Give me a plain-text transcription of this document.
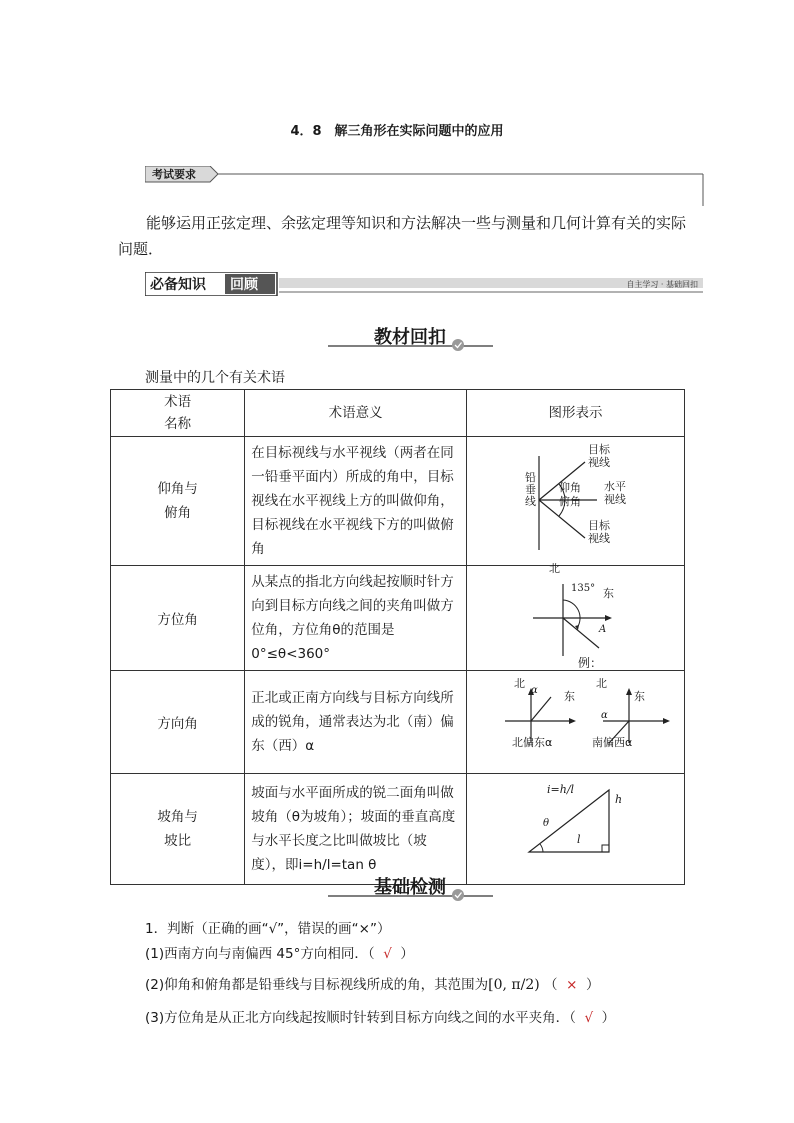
4．8　解三角形在实际问题中的应用
考试要求
能够运用正弦定理、余弦定理等知识和方法解决一些与测量和几何计算有关的实际问题．
必备知识 回顾	自主学习 · 基础回扣
教材回扣
测量中的几个有关术语
术语
名称	术语意义	图形表示
仰角与
俯角	在目标视线与水平视线（两者在同一铅垂平面内）所成的角中，目标视线在水平视线上方的叫做仰角，目标视线在水平视线下方的叫做俯角	

方位角	从某点的指北方向线起按顺时针方向到目标方向线之间的夹角叫做方位角，方位角θ的范围是0°≤θ<360°	

方向角	正北或正南方向线与目标方向线所成的锐角，通常表达为北（南）偏东（西）α	

坡角与
坡比	坡面与水平面所成的锐二面角叫做坡角（θ为坡角）；坡面的垂直高度与水平长度之比叫做坡比（坡度），即i=h/l=tan θ	
目标
视线
铅
垂
线
仰角
俯角
水平
视线
目标
视线
北
东
135°
A
例：
北
东
α
北
东
α
北偏东α	南偏西α
i=h/l
h
l
θ
基础检测
1．判断（正确的画“√”，错误的画“×”）
(1)西南方向与南偏西 45°方向相同．（ √ ）
(2)仰角和俯角都是铅垂线与目标视线所成的角，其范围为[0, π/2) （  × ）
(3)方位角是从正北方向线起按顺时针转到目标方向线之间的水平夹角．（ √ ）
